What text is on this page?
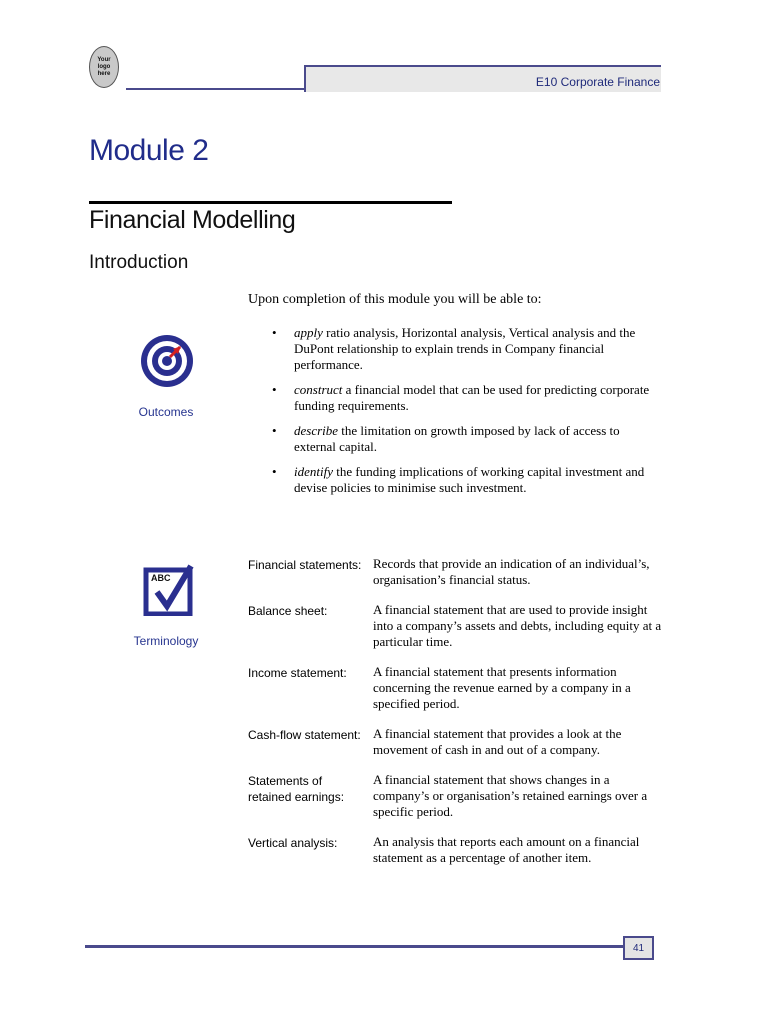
Your
logo
here
E10 Corporate Finance
Module 2
Financial Modelling
Introduction
Upon completion of this module you will be able to:
Outcomes
• apply ratio analysis, Horizontal analysis, Vertical analysis and the DuPont relationship to explain trends in Company financial performance.
• construct a financial model that can be used for predicting corporate funding requirements.
• describe the limitation on growth imposed by lack of access to external capital.
• identify the funding implications of working capital investment and devise policies to minimise such investment.
ABC
Terminology
Financial statements: Records that provide an indication of an individual’s, organisation’s financial status.
Balance sheet:	A financial statement that are used to provide insight into a company’s assets and debts, including equity at a particular time.
Income statement:	A financial statement that presents information concerning the revenue earned by a company in a specified period.
Cash-flow statement: A financial statement that provides a look at the movement of cash in and out of a company.
Statements of retained earnings:
A financial statement that shows changes in a company’s or organisation’s retained earnings over a specific period.
Vertical analysis:	An analysis that reports each amount on a financial statement as a percentage of another item.
41
